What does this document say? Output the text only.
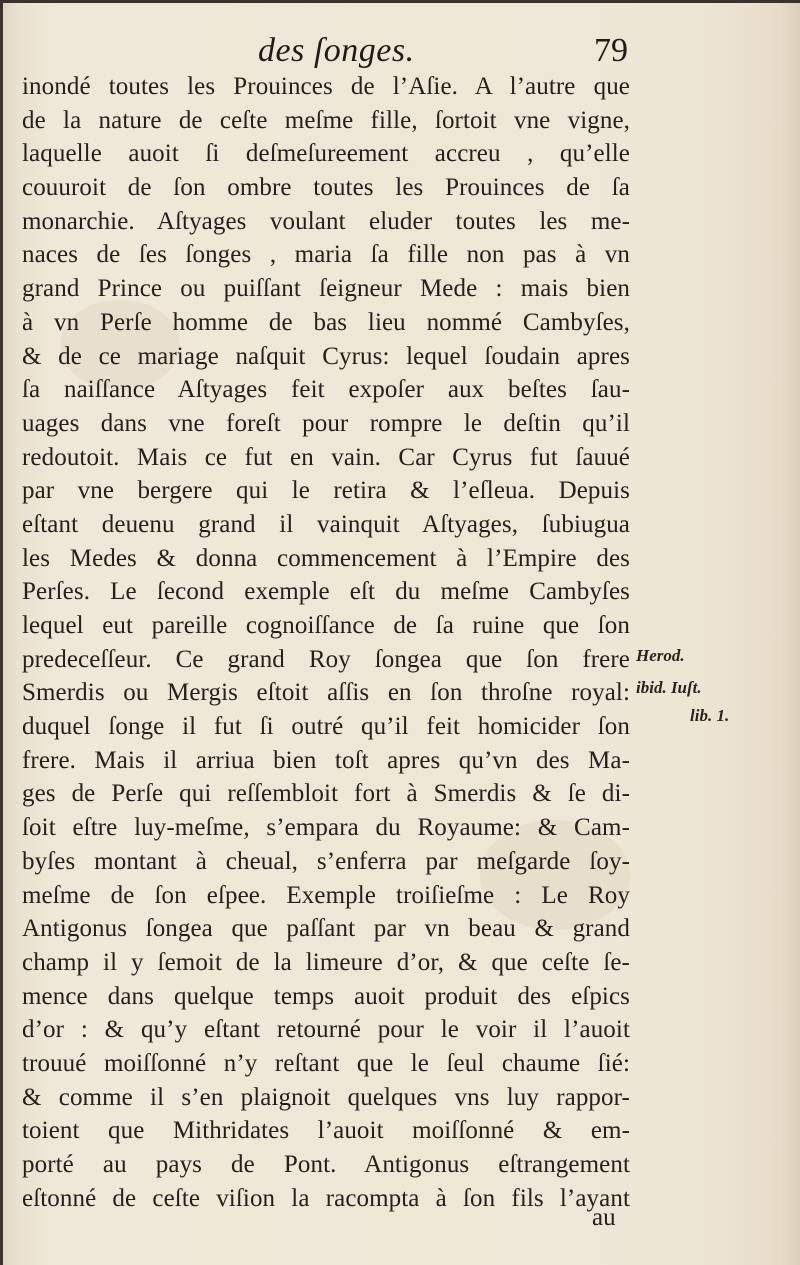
des ſonges.	79
inondé toutes les Prouinces de l’Aſie. A l’autre que
de la nature de ceſte meſme fille, ſortoit vne vigne,
laquelle auoit ſi deſmeſureement accreu , qu’elle
couuroit de ſon ombre toutes les Prouinces de ſa
monarchie. Aſtyages voulant eluder toutes les me-
naces de ſes ſonges , maria ſa fille non pas à vn
grand Prince ou puiſſant ſeigneur Mede : mais bien
à vn Perſe homme de bas lieu nommé Cambyſes,
& de ce mariage naſquit Cyrus: lequel ſoudain apres
ſa naiſſance Aſtyages feit expoſer aux beſtes ſau-
uages dans vne foreſt pour rompre le deſtin qu’il
redoutoit. Mais ce fut en vain. Car Cyrus fut ſauué
par vne bergere qui le retira & l’eſleua. Depuis
eſtant deuenu grand il vainquit Aſtyages, ſubiugua
les Medes & donna commencement à l’Empire des
Perſes. Le ſecond exemple eſt du meſme Cambyſes
lequel eut pareille cognoiſſance de ſa ruine que ſon
predeceſſeur. Ce grand Roy ſongea que ſon frere
Smerdis ou Mergis eſtoit aſſis en ſon throſne royal:
duquel ſonge il fut ſi outré qu’il feit homicider ſon
frere. Mais il arriua bien toſt apres qu’vn des Ma-
ges de Perſe qui reſſembloit fort à Smerdis & ſe di-
ſoit eſtre luy-meſme, s’empara du Royaume: & Cam-
byſes montant à cheual, s’enferra par meſgarde ſoy-
meſme de ſon eſpee. Exemple troiſieſme : Le Roy
Antigonus ſongea que paſſant par vn beau & grand
champ il y ſemoit de la limeure d’or, & que ceſte ſe-
mence dans quelque temps auoit produit des eſpics
d’or : & qu’y eſtant retourné pour le voir il l’auoit
trouué moiſſonné n’y reſtant que le ſeul chaume ſié:
& comme il s’en plaignoit quelques vns luy rappor-
toient que Mithridates l’auoit moiſſonné & em-
porté au pays de Pont. Antigonus eſtrangement
eſtonné de ceſte viſion la racompta à ſon fils l’ayant
Herod.
ibid. Iuſt.
lib. 1.
au
